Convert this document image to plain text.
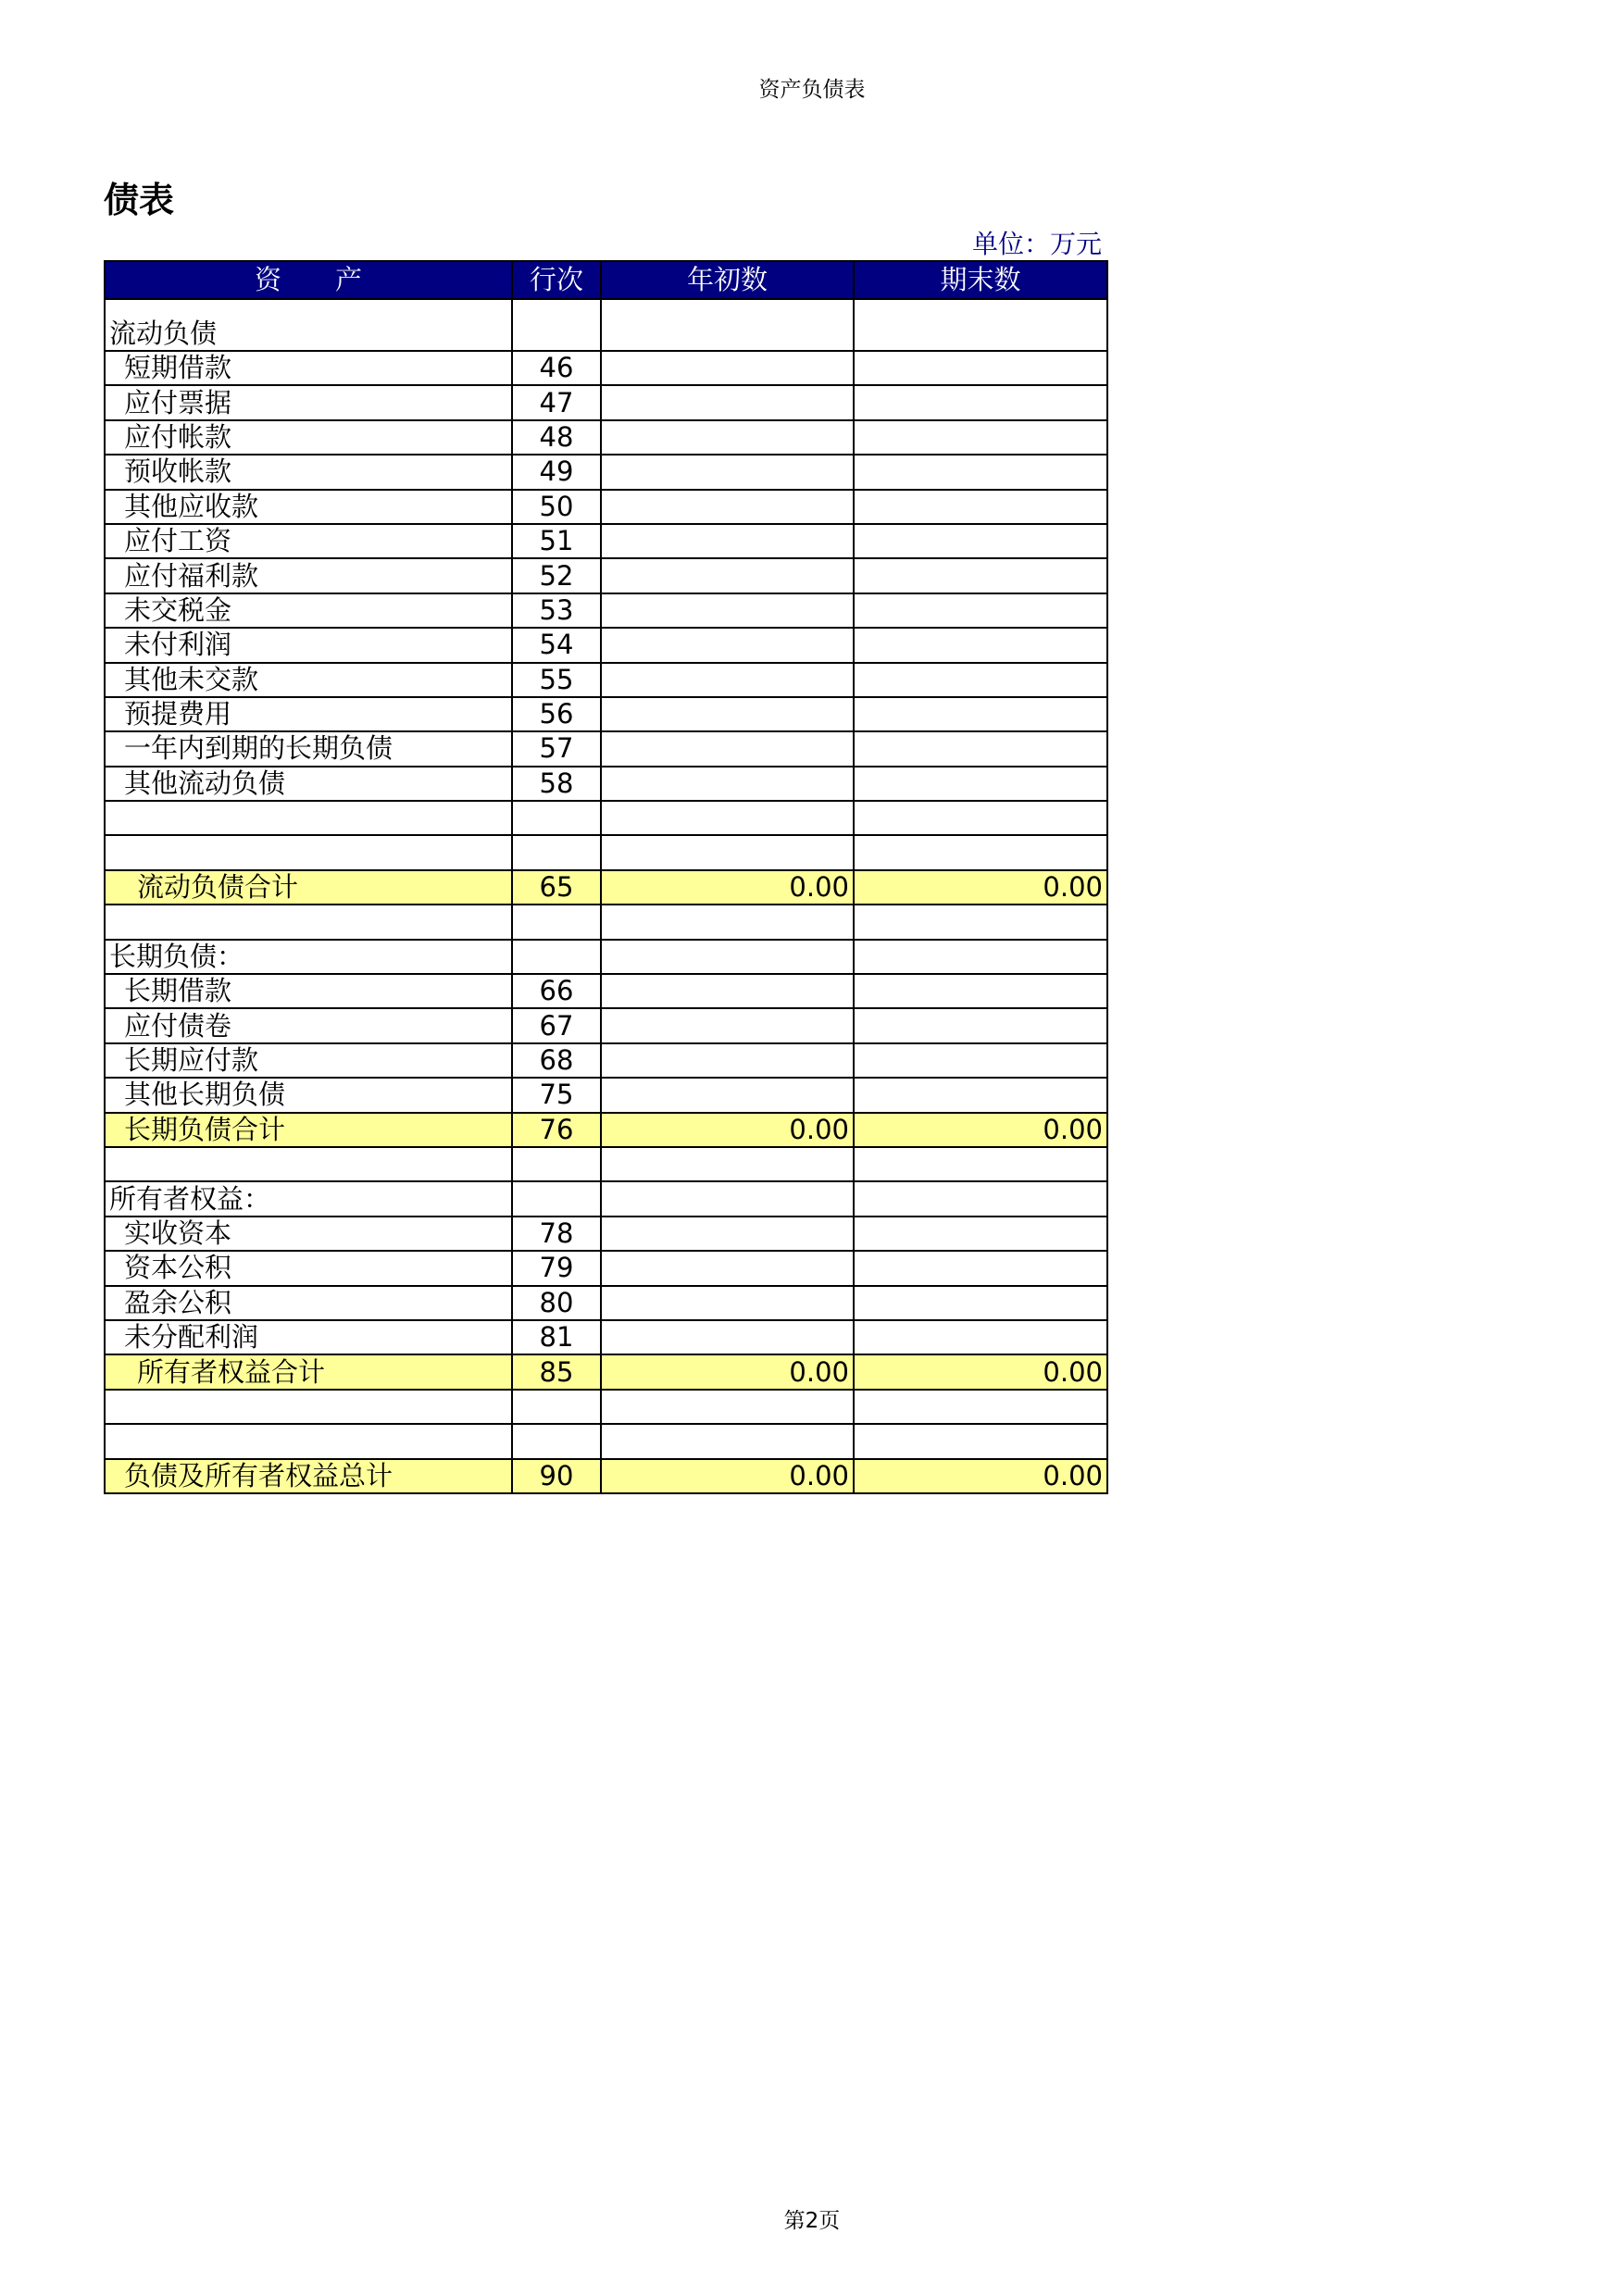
资产负债表
债表
单位：万元
资　　产	行次	年初数	期末数
流动负债			
短期借款	46		
应付票据	47		
应付帐款	48		
预收帐款	49		
其他应收款	50		
应付工资	51		
应付福利款	52		
未交税金	53		
未付利润	54		
其他未交款	55		
预提费用	56		
一年内到期的长期负债	57		
其他流动负债	58		

流动负债合计	65	0.00	0.00

长期负债：			
长期借款	66		
应付债卷	67		
长期应付款	68		
其他长期负债	75		
长期负债合计	76	0.00	0.00

所有者权益：			
实收资本	78		
资本公积	79		
盈余公积	80		
未分配利润	81		
所有者权益合计	85	0.00	0.00

负债及所有者权益总计	90	0.00	0.00
第2页
